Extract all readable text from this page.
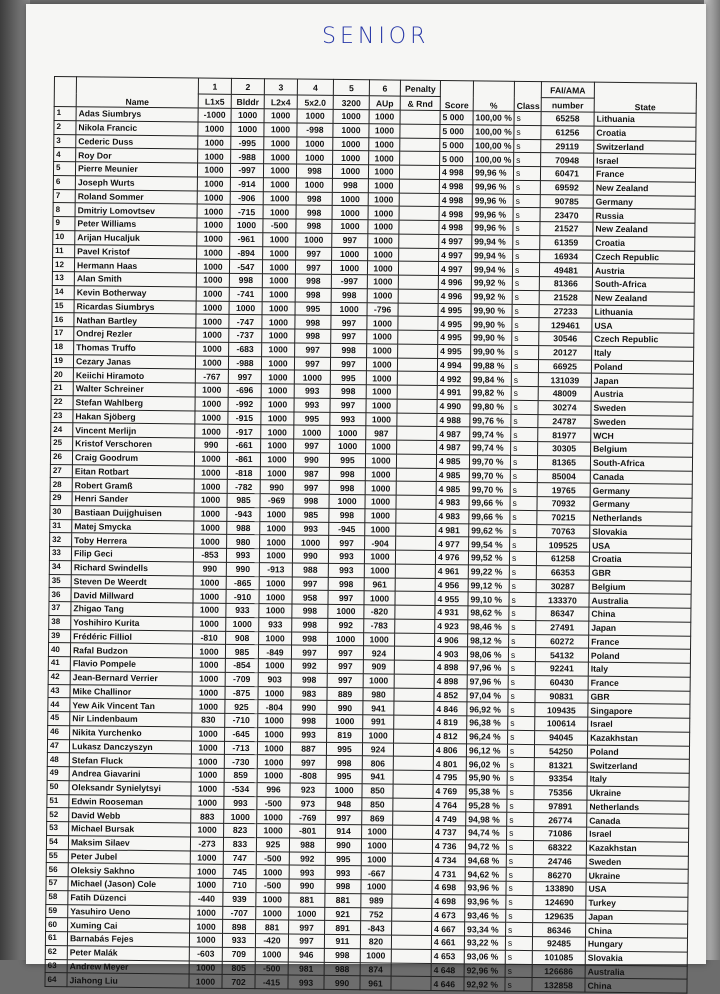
SENIOR
	Name	1	2	3	4	5	6	Penalty	Score	%	Class	FAI/AMA	State
		L1x5	Blddr	L2x4	5x2.0	3200	AUp	& Rnd				number	
1	Adas Siumbrys	-1000	1000	1000	1000	1000	1000		5 000	100,00 %	s	65258	Lithuania
2	Nikola Francic	1000	1000	1000	-998	1000	1000		5 000	100,00 %	s	61256	Croatia
3	Cederic Duss	1000	-995	1000	1000	1000	1000		5 000	100,00 %	s	29119	Switzerland
4	Roy Dor	1000	-988	1000	1000	1000	1000		5 000	100,00 %	s	70948	Israel
5	Pierre Meunier	1000	-997	1000	998	1000	1000		4 998	99,96 %	s	60471	France
6	Joseph Wurts	1000	-914	1000	1000	998	1000		4 998	99,96 %	s	69592	New Zealand
7	Roland Sommer	1000	-906	1000	998	1000	1000		4 998	99,96 %	s	90785	Germany
8	Dmitriy Lomovtsev	1000	-715	1000	998	1000	1000		4 998	99,96 %	s	23470	Russia
9	Peter Williams	1000	1000	-500	998	1000	1000		4 998	99,96 %	s	21527	New Zealand
10	Arijan Hucaljuk	1000	-961	1000	1000	997	1000		4 997	99,94 %	s	61359	Croatia
11	Pavel Kristof	1000	-894	1000	997	1000	1000		4 997	99,94 %	s	16934	Czech Republic
12	Hermann Haas	1000	-547	1000	997	1000	1000		4 997	99,94 %	s	49481	Austria
13	Alan Smith	1000	998	1000	998	-997	1000		4 996	99,92 %	s	81366	South-Africa
14	Kevin Botherway	1000	-741	1000	998	998	1000		4 996	99,92 %	s	21528	New Zealand
15	Ricardas Siumbrys	1000	1000	1000	995	1000	-796		4 995	99,90 %	s	27233	Lithuania
16	Nathan Bartley	1000	-747	1000	998	997	1000		4 995	99,90 %	s	129461	USA
17	Ondrej Rezler	1000	-737	1000	998	997	1000		4 995	99,90 %	s	30546	Czech Republic
18	Thomas Truffo	1000	-683	1000	997	998	1000		4 995	99,90 %	s	20127	Italy
19	Cezary Janas	1000	-988	1000	997	997	1000		4 994	99,88 %	s	66925	Poland
20	Keiichi Hiramoto	-767	997	1000	1000	995	1000		4 992	99,84 %	s	131039	Japan
21	Walter Schreiner	1000	-696	1000	993	998	1000		4 991	99,82 %	s	48009	Austria
22	Stefan Wahlberg	1000	-992	1000	993	997	1000		4 990	99,80 %	s	30274	Sweden
23	Hakan Sjöberg	1000	-915	1000	995	993	1000		4 988	99,76 %	s	24787	Sweden
24	Vincent Merlijn	1000	-917	1000	1000	1000	987		4 987	99,74 %	s	81977	WCH
25	Kristof Verschoren	990	-661	1000	997	1000	1000		4 987	99,74 %	s	30305	Belgium
26	Craig Goodrum	1000	-861	1000	990	995	1000		4 985	99,70 %	s	81365	South-Africa
27	Eitan Rotbart	1000	-818	1000	987	998	1000		4 985	99,70 %	s	85004	Canada
28	Robert Gramß	1000	-782	990	997	998	1000		4 985	99,70 %	s	19765	Germany
29	Henri Sander	1000	985	-969	998	1000	1000		4 983	99,66 %	s	70932	Germany
30	Bastiaan Duijghuisen	1000	-943	1000	985	998	1000		4 983	99,66 %	s	70215	Netherlands
31	Matej Smycka	1000	988	1000	993	-945	1000		4 981	99,62 %	s	70763	Slovakia
32	Toby Herrera	1000	980	1000	1000	997	-904		4 977	99,54 %	s	109525	USA
33	Filip Geci	-853	993	1000	990	993	1000		4 976	99,52 %	s	61258	Croatia
34	Richard Swindells	990	990	-913	988	993	1000		4 961	99,22 %	s	66353	GBR
35	Steven De Weerdt	1000	-865	1000	997	998	961		4 956	99,12 %	s	30287	Belgium
36	David Millward	1000	-910	1000	958	997	1000		4 955	99,10 %	s	133370	Australia
37	Zhigao Tang	1000	933	1000	998	1000	-820		4 931	98,62 %	s	86347	China
38	Yoshihiro Kurita	1000	1000	933	998	992	-783		4 923	98,46 %	s	27491	Japan
39	Frédéric Filliol	-810	908	1000	998	1000	1000		4 906	98,12 %	s	60272	France
40	Rafal Budzon	1000	985	-849	997	997	924		4 903	98,06 %	s	54132	Poland
41	Flavio Pompele	1000	-854	1000	992	997	909		4 898	97,96 %	s	92241	Italy
42	Jean-Bernard Verrier	1000	-709	903	998	997	1000		4 898	97,96 %	s	60430	France
43	Mike Challinor	1000	-875	1000	983	889	980		4 852	97,04 %	s	90831	GBR
44	Yew Aik Vincent Tan	1000	925	-804	990	990	941		4 846	96,92 %	s	109435	Singapore
45	Nir Lindenbaum	830	-710	1000	998	1000	991		4 819	96,38 %	s	100614	Israel
46	Nikita Yurchenko	1000	-645	1000	993	819	1000		4 812	96,24 %	s	94045	Kazakhstan
47	Lukasz Danczyszyn	1000	-713	1000	887	995	924		4 806	96,12 %	s	54250	Poland
48	Stefan Fluck	1000	-730	1000	997	998	806		4 801	96,02 %	s	81321	Switzerland
49	Andrea Giavarini	1000	859	1000	-808	995	941		4 795	95,90 %	s	93354	Italy
50	Oleksandr Synielytsyi	1000	-534	996	923	1000	850		4 769	95,38 %	s	75356	Ukraine
51	Edwin Rooseman	1000	993	-500	973	948	850		4 764	95,28 %	s	97891	Netherlands
52	David Webb	883	1000	1000	-769	997	869		4 749	94,98 %	s	26774	Canada
53	Michael Bursak	1000	823	1000	-801	914	1000		4 737	94,74 %	s	71086	Israel
54	Maksim Silaev	-273	833	925	988	990	1000		4 736	94,72 %	s	68322	Kazakhstan
55	Peter Jubel	1000	747	-500	992	995	1000		4 734	94,68 %	s	24746	Sweden
56	Oleksiy Sakhno	1000	745	1000	993	993	-667		4 731	94,62 %	s	86270	Ukraine
57	Michael (Jason) Cole	1000	710	-500	990	998	1000		4 698	93,96 %	s	133890	USA
58	Fatih Düzenci	-440	939	1000	881	881	989		4 698	93,96 %	s	124690	Turkey
59	Yasuhiro Ueno	1000	-707	1000	1000	921	752		4 673	93,46 %	s	129635	Japan
60	Xuming Cai	1000	898	881	997	891	-843		4 667	93,34 %	s	86346	China
61	Barnabás Fejes	1000	933	-420	997	911	820		4 661	93,22 %	s	92485	Hungary
62	Peter Malák	-603	709	1000	946	998	1000		4 653	93,06 %	s	101085	Slovakia
63	Andrew Meyer	1000	805	-500	981	988	874		4 648	92,96 %	s	126686	Australia
64	Jiahong Liu	1000	702	-415	993	990	961		4 646	92,92 %	s	132858	China
